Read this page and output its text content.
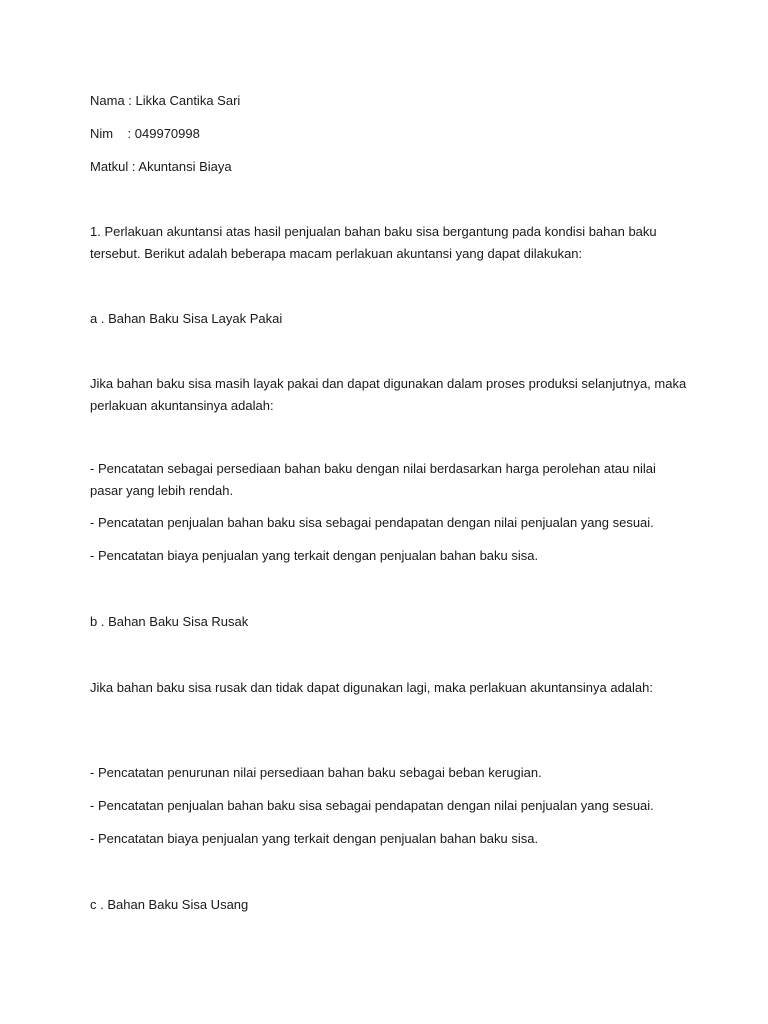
Nama : Likka Cantika Sari

Nim    : 049970998

Matkul : Akuntansi Biaya

1. Perlakuan akuntansi atas hasil penjualan bahan baku sisa bergantung pada kondisi bahan baku tersebut. Berikut adalah beberapa macam perlakuan akuntansi yang dapat dilakukan:

a . Bahan Baku Sisa Layak Pakai

Jika bahan baku sisa masih layak pakai dan dapat digunakan dalam proses produksi selanjutnya, maka perlakuan akuntansinya adalah:

- Pencatatan sebagai persediaan bahan baku dengan nilai berdasarkan harga perolehan atau nilai pasar yang lebih rendah.

- Pencatatan penjualan bahan baku sisa sebagai pendapatan dengan nilai penjualan yang sesuai.

- Pencatatan biaya penjualan yang terkait dengan penjualan bahan baku sisa.

b . Bahan Baku Sisa Rusak

Jika bahan baku sisa rusak dan tidak dapat digunakan lagi, maka perlakuan akuntansinya adalah:

- Pencatatan penurunan nilai persediaan bahan baku sebagai beban kerugian.

- Pencatatan penjualan bahan baku sisa sebagai pendapatan dengan nilai penjualan yang sesuai.

- Pencatatan biaya penjualan yang terkait dengan penjualan bahan baku sisa.

c . Bahan Baku Sisa Usang
